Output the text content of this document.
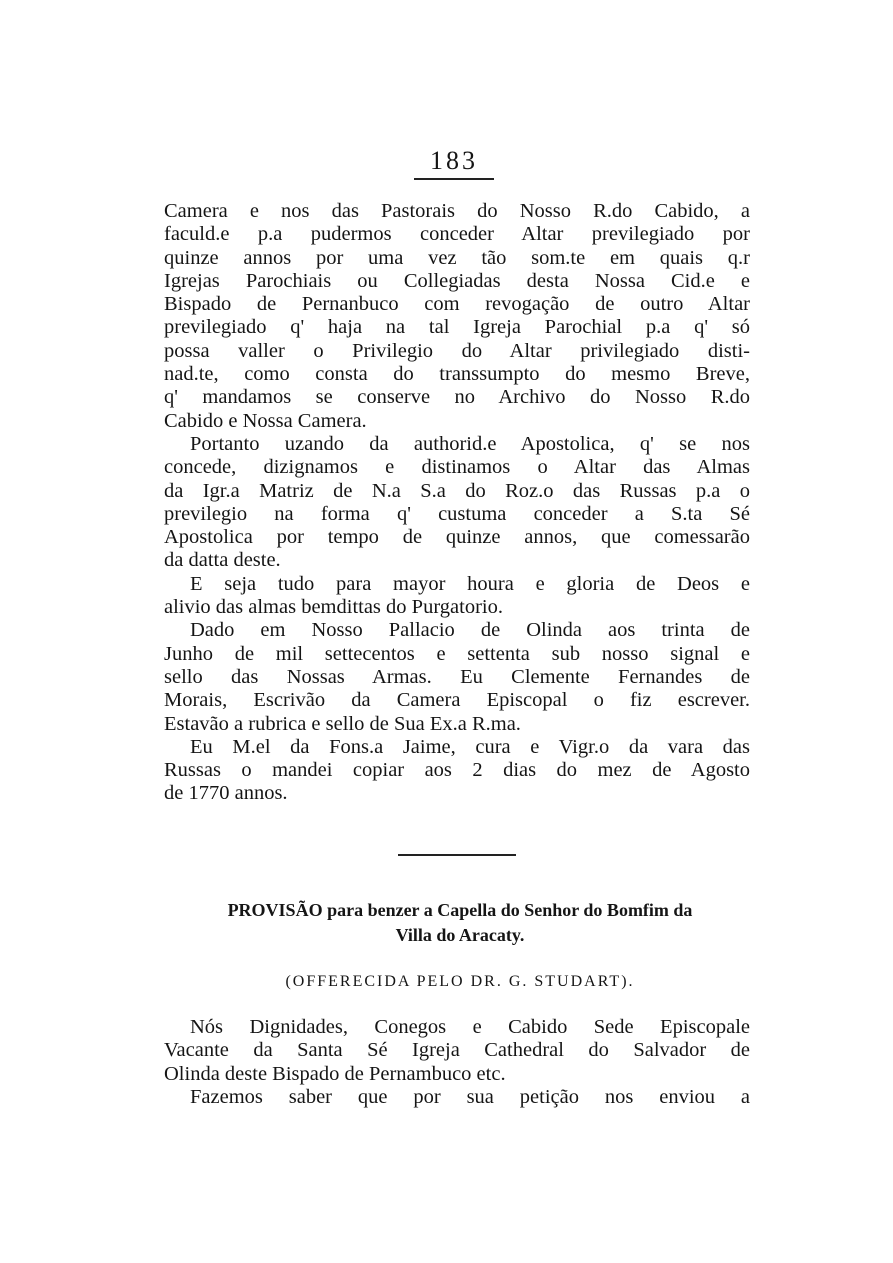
183
Camera e nos das Pastorais do Nosso R.do Cabido, a
faculd.e p.a pudermos conceder Altar previlegiado por
quinze annos por uma vez tão som.te em quais q.r
Igrejas Parochiais ou Collegiadas desta Nossa Cid.e e
Bispado de Pernanbuco com revogação de outro Altar
previlegiado q' haja na tal Igreja Parochial p.a q' só
possa valler o Privilegio do Altar privilegiado disti-
nad.te, como consta do transsumpto do mesmo Breve,
q' mandamos se conserve no Archivo do Nosso R.do
Cabido e Nossa Camera.
Portanto uzando da authorid.e Apostolica, q' se nos
concede, dizignamos e distinamos o Altar das Almas
da Igr.a Matriz de N.a S.a do Roz.o das Russas p.a o
previlegio na forma q' custuma conceder a S.ta Sé
Apostolica por tempo de quinze annos, que comessarão
da datta deste.
E seja tudo para mayor houra e gloria de Deos e
alivio das almas bemdittas do Purgatorio.
Dado em Nosso Pallacio de Olinda aos trinta de
Junho de mil settecentos e settenta sub nosso signal e
sello das Nossas Armas. Eu Clemente Fernandes de
Morais, Escrivão da Camera Episcopal o fiz escrever.
Estavão a rubrica e sello de Sua Ex.a R.ma.
Eu M.el da Fons.a Jaime, cura e Vigr.o da vara das
Russas o mandei copiar aos 2 dias do mez de Agosto
de 1770 annos.
PROVISÃO para benzer a Capella do Senhor do Bomfim da
Villa do Aracaty.
(OFFERECIDA PELO DR. G. STUDART).
Nós Dignidades, Conegos e Cabido Sede Episcopale
Vacante da Santa Sé Igreja Cathedral do Salvador de
Olinda deste Bispado de Pernambuco etc.
Fazemos saber que por sua petição nos enviou a
